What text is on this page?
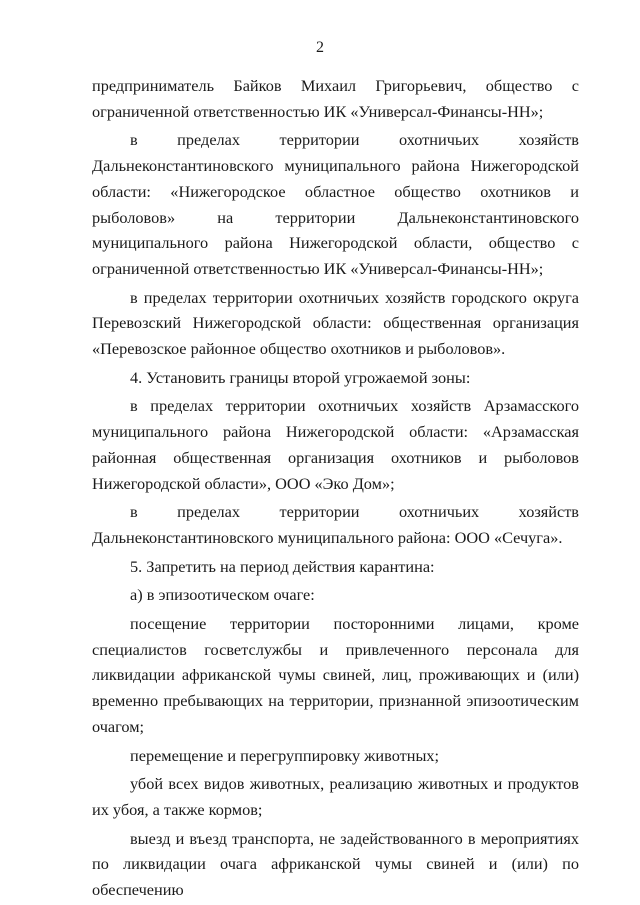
2

предприниматель Байков Михаил Григорьевич, общество с ограниченной ответственностью ИК «Универсал-Финансы-НН»;

в пределах территории охотничьих хозяйств Дальнеконстантиновского муниципального района Нижегородской области: «Нижегородское областное общество охотников и рыболовов» на территории Дальнеконстантиновского муниципального района Нижегородской области, общество с ограниченной ответственностью ИК «Универсал-Финансы-НН»;

в пределах территории охотничьих хозяйств городского округа Перевозский Нижегородской области: общественная организация «Перевозское районное общество охотников и рыболовов».

4. Установить границы второй угрожаемой зоны:

в пределах территории охотничьих хозяйств Арзамасского муниципального района Нижегородской области: «Арзамасская районная общественная организация охотников и рыболовов Нижегородской области», ООО «Эко Дом»;

в пределах территории охотничьих хозяйств Дальнеконстантиновского муниципального района: ООО «Сечуга».

5. Запретить на период действия карантина:

а) в эпизоотическом очаге:

посещение территории посторонними лицами, кроме специалистов госветслужбы и привлеченного персонала для ликвидации африканской чумы свиней, лиц, проживающих и (или) временно пребывающих на территории, признанной эпизоотическим очагом;

перемещение и перегруппировку животных;

убой всех видов животных, реализацию животных и продуктов их убоя, а также кормов;

выезд и въезд транспорта, не задействованного в мероприятиях по ликвидации очага африканской чумы свиней и (или) по обеспечению
